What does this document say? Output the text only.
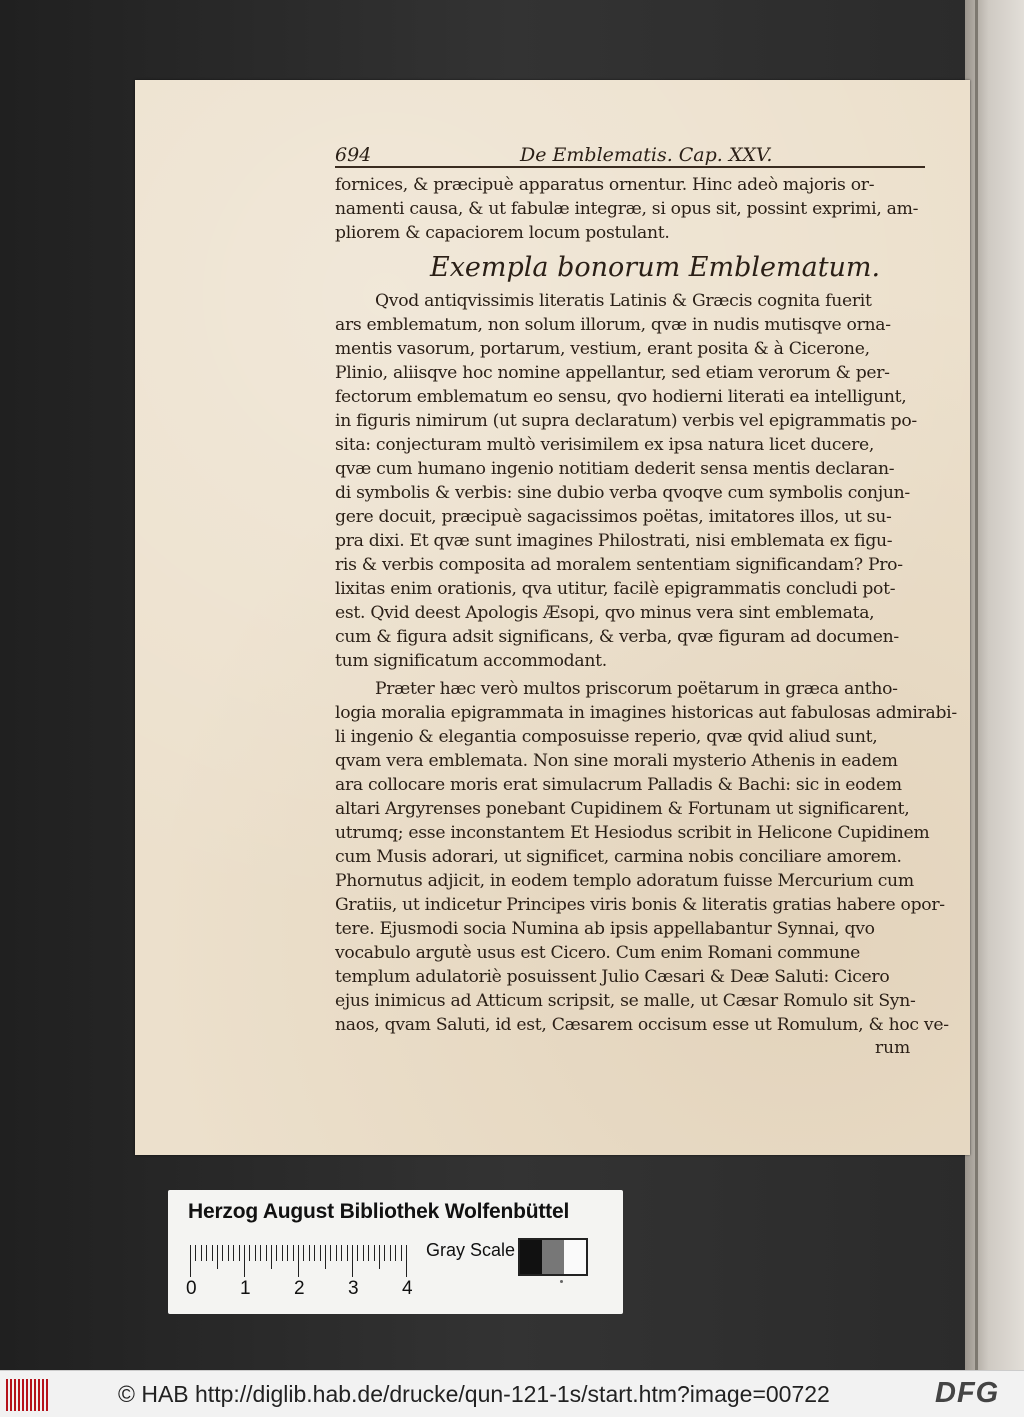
694	De Emblematis. Cap. XXV.
fornices, & præcipuè apparatus ornentur. Hinc adeò majoris or-
namenti causa, & ut fabulæ integræ, si opus sit, possint exprimi, am-
pliorem & capaciorem locum postulant.
Exempla bonorum Emblematum.
Qvod antiqvissimis literatis Latinis & Græcis cognita fuerit
ars emblematum, non solum illorum, qvæ in nudis mutisqve orna-
mentis vasorum, portarum, vestium, erant posita & à Cicerone,
Plinio, aliisqve hoc nomine appellantur, sed etiam verorum & per-
fectorum emblematum eo sensu, qvo hodierni literati ea intelligunt,
in figuris nimirum (ut supra declaratum) verbis vel epigrammatis po-
sita: conjecturam multò verisimilem ex ipsa natura licet ducere,
qvæ cum humano ingenio notitiam dederit sensa mentis declaran-
di symbolis & verbis: sine dubio verba qvoqve cum symbolis conjun-
gere docuit, præcipuè sagacissimos poëtas, imitatores illos, ut su-
pra dixi. Et qvæ sunt imagines Philostrati, nisi emblemata ex figu-
ris & verbis composita ad moralem sententiam significandam? Pro-
lixitas enim orationis, qva utitur, facilè epigrammatis concludi pot-
est. Qvid deest Apologis Æsopi, qvo minus vera sint emblemata,
cum & figura adsit significans, & verba, qvæ figuram ad documen-
tum significatum accommodant.
Præter hæc verò multos priscorum poëtarum in græca antho-
logia moralia epigrammata in imagines historicas aut fabulosas admirabi-
li ingenio & elegantia composuisse reperio, qvæ qvid aliud sunt,
qvam vera emblemata. Non sine morali mysterio Athenis in eadem
ara collocare moris erat simulacrum Palladis & Bachi: sic in eodem
altari Argyrenses ponebant Cupidinem & Fortunam ut significarent,
utrumq; esse inconstantem Et Hesiodus scribit in Helicone Cupidinem
cum Musis adorari, ut significet, carmina nobis conciliare amorem.
Phornutus adjicit, in eodem templo adoratum fuisse Mercurium cum
Gratiis, ut indicetur Principes viris bonis & literatis gratias habere opor-
tere. Ejusmodi socia Numina ab ipsis appellabantur Synnai, qvo
vocabulo argutè usus est Cicero. Cum enim Romani commune
templum adulatoriè posuissent Julio Cæsari & Deæ Saluti: Cicero
ejus inimicus ad Atticum scripsit, se malle, ut Cæsar Romulo sit Syn-
naos, qvam Saluti, id est, Cæsarem occisum esse ut Romulum, & hoc ve-
rum
Herzog August Bibliothek Wolfenbüttel
0 1 2 3 4
Gray Scale
© HAB http://diglib.hab.de/drucke/qun-121-1s/start.htm?image=00722	DFG
